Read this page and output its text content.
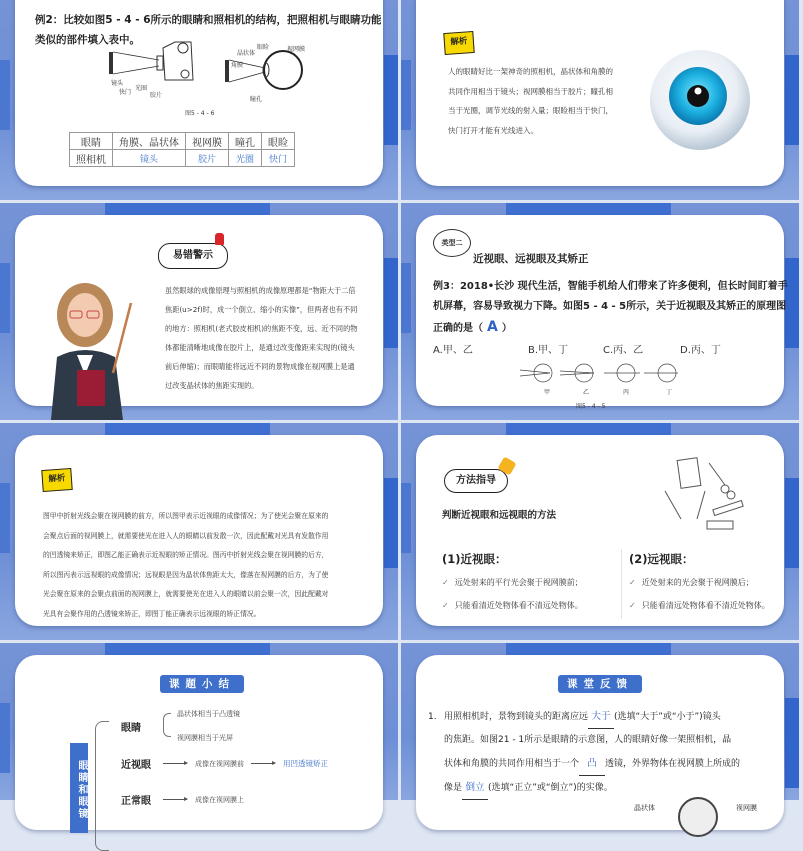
例2：比较如图5 - 4 - 6所示的眼睛和照相机的结构，把照相机与眼睛功能类似的部件填入表中。
镜头
快门
光圈
胶片
晶状体
眼睑	视网膜
角膜
瞳孔
图5 - 4 - 6
眼睛	角膜、晶状体	视网膜	瞳孔	眼睑
照相机	镜头	胶片	光圈	快门
解析
人的眼睛好比一架神奇的照相机，晶状体和角膜的
共同作用相当于镜头；视网膜相当于胶片；瞳孔相
当于光圈，调节光线的射入量；眼睑相当于快门，
快门打开才能有光线进入。
易错警示
虽然眼球的成像原理与照相机的成像原理都是“物距大于二倍
焦距(u>2f)时，成一个倒立、缩小的实像”，但两者也有不同
的地方：照相机(老式胶皮相机)的焦距不变，远、近不同的物
体都能清晰地成像在胶片上，是通过改变像距来实现的(镜头
前后伸缩)；而眼睛能将远近不同的景物成像在视网膜上是通
过改变晶状体的焦距实现的。
类型二
近视眼、远视眼及其矫正
例3：2018•长沙 现代生活，智能手机给人们带来了许多便利，但长时间盯着手
机屏幕，容易导致视力下降。如图5 - 4 - 5所示，关于近视眼及其矫正的原理图
正确的是（ A ）
A.甲、乙	B.甲、丁	C.丙、乙	D.丙、丁
甲	乙	丙	丁
图5 - 4 - 5
解析
图甲中折射光线会聚在视网膜的前方，所以图甲表示近视眼的成像情况；为了使光会聚在原来的
会聚点后面的视网膜上，就需要使光在进入人的眼睛以前发散一次，因此配戴对光具有发散作用
的凹透镜来矫正，即图乙能正确表示近视眼的矫正情况。图丙中折射光线会聚在视网膜的后方，
所以图丙表示远视眼的成像情况；远视眼是因为晶状体焦距太大，像落在视网膜的后方，为了使
光会聚在原来的会聚点前面的视网膜上，就需要使光在进入人的眼睛以前会聚一次，因此配戴对
光具有会聚作用的凸透镜来矫正，即图丁能正确表示远视眼的矫正情况。
方法指导
判断近视眼和远视眼的方法
(1)近视眼：
✓ 远处射来的平行光会聚于视网膜前；
✓ 只能看清近处物体看不清远处物体。
(2)远视眼：
✓ 近处射来的光会聚于视网膜后；
✓ 只能看清远处物体看不清近处物体。
课题小结
眼睛和眼镜
眼睛
晶状体相当于凸透镜
视网膜相当于光屏
近视眼	成像在视网膜前	用凹透镜矫正
正常眼	成像在视网膜上
课堂反馈
1. 用照相机时，景物到镜头的距离应远 大于 (选填“大于”或“小于”)镜头
的焦距。如图21 - 1所示是眼睛的示意图，人的眼睛好像一架照相机，晶
状体和角膜的共同作用相当于一个 凸 透镜，外界物体在视网膜上所成的
像是 倒立 (选填“正立”或“倒立”)的实像。
晶状体	视网膜
